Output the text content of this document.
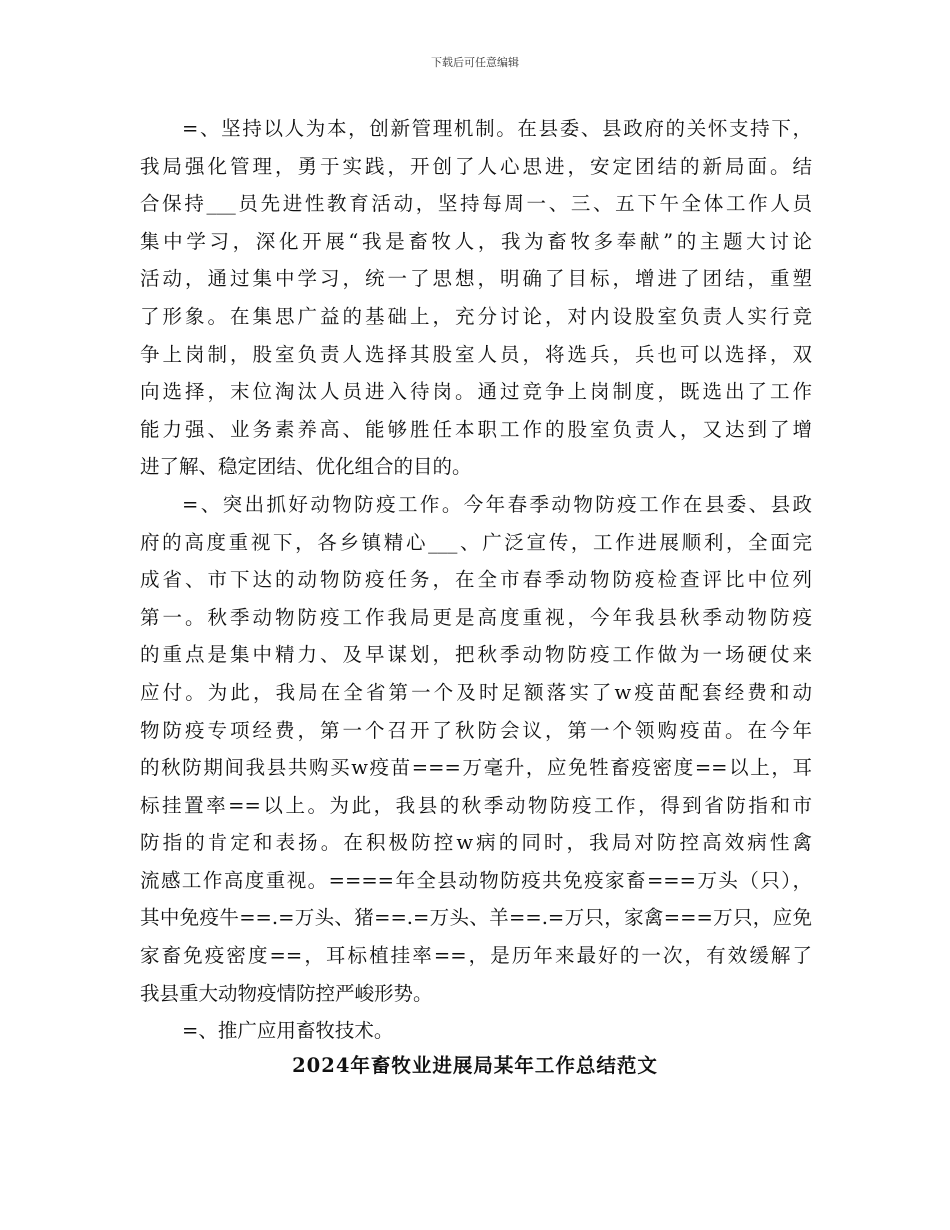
下载后可任意编辑
=、坚持以人为本，创新管理机制。在县委、县政府的关怀支持下，
我局强化管理，勇于实践，开创了人心思进，安定团结的新局面。结
合保持___员先进性教育活动，坚持每周一、三、五下午全体工作人员
集中学习，深化开展“我是畜牧人，我为畜牧多奉献”的主题大讨论
活动，通过集中学习，统一了思想，明确了目标，增进了团结，重塑
了形象。在集思广益的基础上，充分讨论，对内设股室负责人实行竞
争上岗制，股室负责人选择其股室人员，将选兵，兵也可以选择，双
向选择，末位淘汰人员进入待岗。通过竞争上岗制度，既选出了工作
能力强、业务素养高、能够胜任本职工作的股室负责人，又达到了增
进了解、稳定团结、优化组合的目的。
=、突出抓好动物防疫工作。今年春季动物防疫工作在县委、县政
府的高度重视下，各乡镇精心___、广泛宣传，工作进展顺利，全面完
成省、市下达的动物防疫任务，在全市春季动物防疫检查评比中位列
第一。秋季动物防疫工作我局更是高度重视，今年我县秋季动物防疫
的重点是集中精力、及早谋划，把秋季动物防疫工作做为一场硬仗来
应付。为此，我局在全省第一个及时足额落实了w疫苗配套经费和动
物防疫专项经费，第一个召开了秋防会议，第一个领购疫苗。在今年
的秋防期间我县共购买w疫苗===万毫升，应免牲畜疫密度==以上，耳
标挂置率==以上。为此，我县的秋季动物防疫工作，得到省防指和市
防指的肯定和表扬。在积极防控w病的同时，我局对防控高效病性禽
流感工作高度重视。====年全县动物防疫共免疫家畜===万头（只），
其中免疫牛==.=万头、猪==.=万头、羊==.=万只，家禽===万只，应免
家畜免疫密度==，耳标植挂率==，是历年来最好的一次，有效缓解了
我县重大动物疫情防控严峻形势。
=、推广应用畜牧技术。
2024年畜牧业进展局某年工作总结范文
